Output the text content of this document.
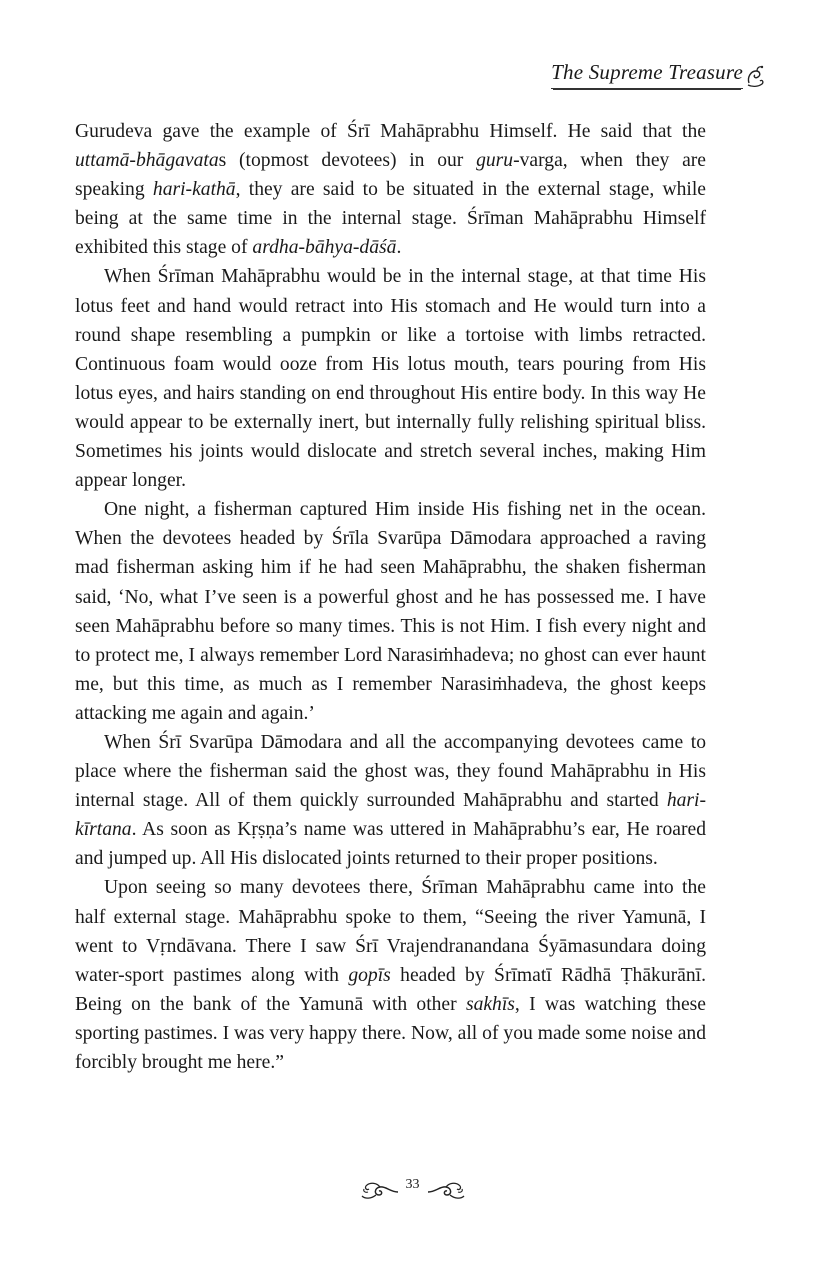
The Supreme Treasure

Gurudeva gave the example of Śrī Mahāprabhu Himself. He said that the uttamā-bhāgavatas (topmost devotees) in our guru-varga, when they are speaking hari-kathā, they are said to be situated in the external stage, while being at the same time in the internal stage. Śrīman Mahāprabhu Himself exhibited this stage of ardha-bāhya-dāśā.

When Śrīman Mahāprabhu would be in the internal stage, at that time His lotus feet and hand would retract into His stomach and He would turn into a round shape resembling a pumpkin or like a tortoise with limbs retracted. Continuous foam would ooze from His lotus mouth, tears pouring from His lotus eyes, and hairs standing on end throughout His entire body. In this way He would appear to be externally inert, but internally fully relishing spiritual bliss. Sometimes his joints would dislocate and stretch several inches, making Him appear longer.

One night, a fisherman captured Him inside His fishing net in the ocean. When the devotees headed by Śrīla Svarūpa Dāmodara approached a raving mad fisherman asking him if he had seen Mahāprabhu, the shaken fisherman said, ‘No, what I’ve seen is a powerful ghost and he has possessed me. I have seen Mahāprabhu before so many times. This is not Him. I fish every night and to protect me, I always remember Lord Narasiṁhadeva; no ghost can ever haunt me, but this time, as much as I remember Narasiṁhadeva, the ghost keeps attacking me again and again.’

When Śrī Svarūpa Dāmodara and all the accompanying devotees came to place where the fisherman said the ghost was, they found Mahāprabhu in His internal stage. All of them quickly surrounded Mahāprabhu and started hari-kīrtana. As soon as Kṛṣṇa’s name was uttered in Mahāprabhu’s ear, He roared and jumped up. All His dislocated joints returned to their proper positions.

Upon seeing so many devotees there, Śrīman Mahāprabhu came into the half external stage. Mahāprabhu spoke to them, “Seeing the river Yamunā, I went to Vṛndāvana. There I saw Śrī Vrajendranandana Śyāmasundara doing water-sport pastimes along with gopīs headed by Śrīmatī Rādhā Ṭhākurānī. Being on the bank of the Yamunā with other sakhīs, I was watching these sporting pastimes. I was very happy there. Now, all of you made some noise and forcibly brought me here.”

33
